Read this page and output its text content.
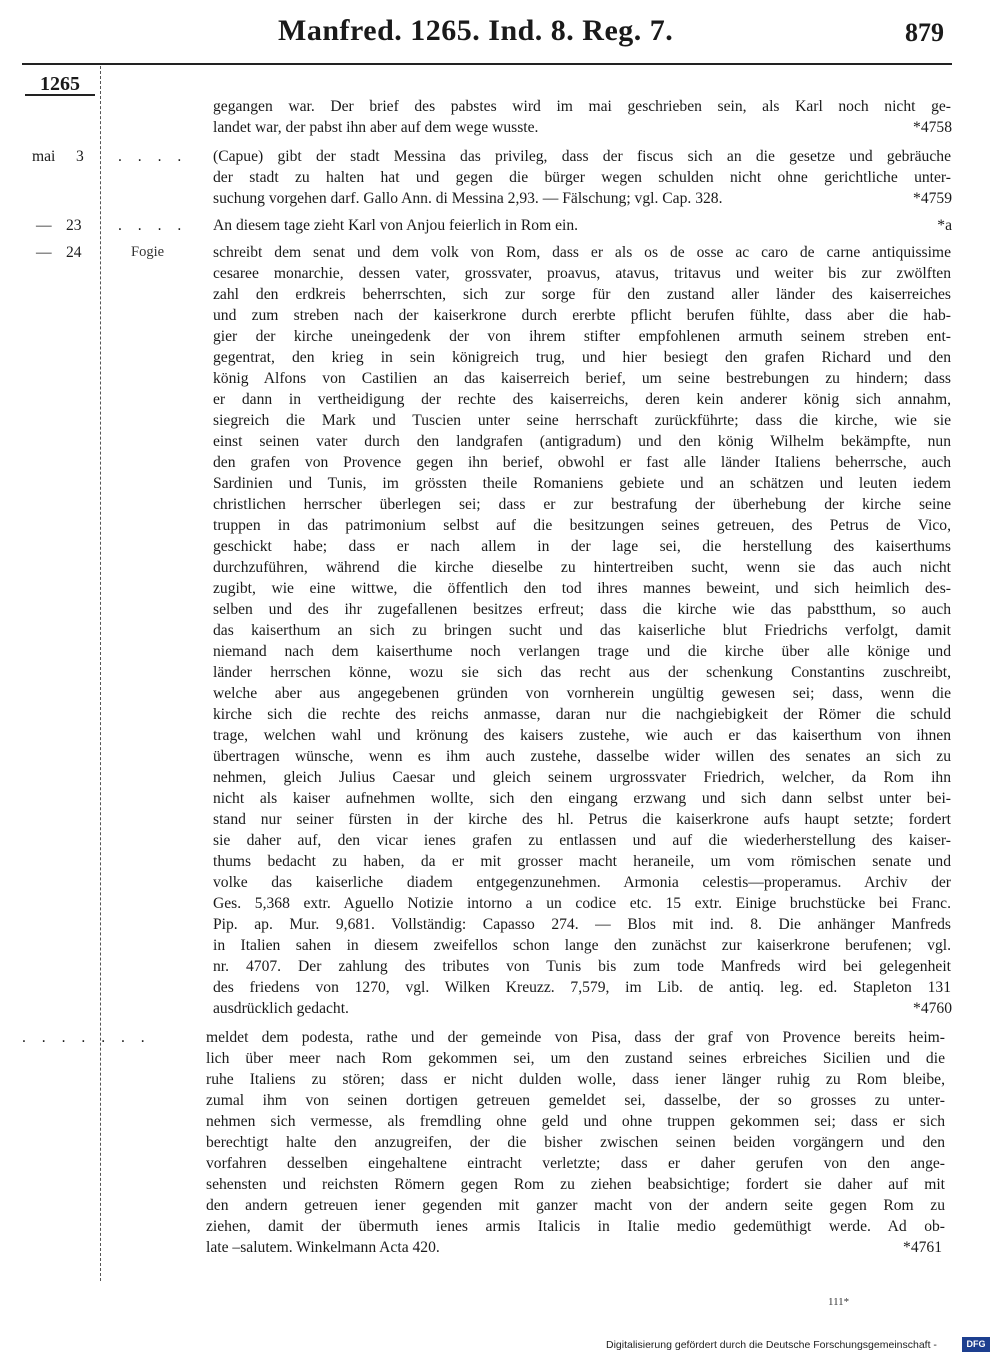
Manfred. 1265. Ind. 8. Reg. 7.	879
1265
gegangen war. Der brief des pabstes wird im mai geschrieben sein, als Karl noch nicht ge-
landet war, der pabst ihn aber auf dem wege wusste.	*4758
mai 3 . . . . (Capue) gibt der stadt Messina das privileg, dass der fiscus sich an die gesetze und gebräuche
der stadt zu halten hat und gegen die bürger wegen schulden nicht ohne gerichtliche unter-
suchung vorgehen darf. Gallo Ann. di Messina 2,93. — Fälschung; vgl. Cap. 328.	*4759
— 23 . . . . An diesem tage zieht Karl von Anjou feierlich in Rom ein.	*a
— 24	Fogie	schreibt dem senat und dem volk von Rom, dass er als os de osse ac caro de carne antiquissime
cesaree monarchie, dessen vater, grossvater, proavus, atavus, tritavus und weiter bis zur zwölften
zahl den erdkreis beherrschten, sich zur sorge für den zustand aller länder des kaiserreiches
und zum streben nach der kaiserkrone durch ererbte pflicht berufen fühlte, dass aber die hab-
gier der kirche uneingedenk der von ihrem stifter empfohlenen armuth seinem streben ent-
gegentrat, den krieg in sein königreich trug, und hier besiegt den grafen Richard und den
könig Alfons von Castilien an das kaiserreich berief, um seine bestrebungen zu hindern; dass
er dann in vertheidigung der rechte des kaiserreichs, deren kein anderer könig sich annahm,
siegreich die Mark und Tuscien unter seine herrschaft zurückführte; dass die kirche, wie sie
einst seinen vater durch den landgrafen (antigradum) und den könig Wilhelm bekämpfte, nun
den grafen von Provence gegen ihn berief, obwohl er fast alle länder Italiens beherrsche, auch
Sardinien und Tunis, im grössten theile Romaniens gebiete und an schätzen und leuten iedem
christlichen herrscher überlegen sei; dass er zur bestrafung der überhebung der kirche seine
truppen in das patrimonium selbst auf die besitzungen seines getreuen, des Petrus de Vico,
geschickt habe; dass er nach allem in der lage sei, die herstellung des kaiserthums
durchzuführen, während die kirche dieselbe zu hintertreiben sucht, wenn sie das auch nicht
zugibt, wie eine wittwe, die öffentlich den tod ihres mannes beweint, und sich heimlich des-
selben und des ihr zugefallenen besitzes erfreut; dass die kirche wie das pabstthum, so auch
das kaiserthum an sich zu bringen sucht und das kaiserliche blut Friedrichs verfolgt, damit
niemand nach dem kaiserthume noch verlangen trage und die kirche über alle könige und
länder herrschen könne, wozu sie sich das recht aus der schenkung Constantins zuschreibt,
welche aber aus angegebenen gründen von vornherein ungültig gewesen sei; dass, wenn die
kirche sich die rechte des reichs anmasse, daran nur die nachgiebigkeit der Römer die schuld
trage, welchen wahl und krönung des kaisers zustehe, wie auch er das kaiserthum von ihnen
übertragen wünsche, wenn es ihm auch zustehe, dasselbe wider willen des senates an sich zu
nehmen, gleich Julius Caesar und gleich seinem urgrossvater Friedrich, welcher, da Rom ihn
nicht als kaiser aufnehmen wollte, sich den eingang erzwang und sich dann selbst unter bei-
stand nur seiner fürsten in der kirche des hl. Petrus die kaiserkrone aufs haupt setzte; fordert
sie daher auf, den vicar ienes grafen zu entlassen und auf die wiederherstellung des kaiser-
thums bedacht zu haben, da er mit grosser macht heraneile, um vom römischen senate und
volke das kaiserliche diadem entgegenzunehmen. Armonia celestis—properamus. Archiv der
Ges. 5,368 extr. Aguello Notizie intorno a un codice etc. 15 extr. Einige bruchstücke bei Franc.
Pip. ap. Mur. 9,681. Vollständig: Capasso 274. — Blos mit ind. 8. Die anhänger Manfreds
in Italien sahen in diesem zweifellos schon lange den zunächst zur kaiserkrone berufenen; vgl.
nr. 4707. Der zahlung des tributes von Tunis bis zum tode Manfreds wird bei gelegenheit
des friedens von 1270, vgl. Wilken Kreuzz. 7,579, im Lib. de antiq. leg. ed. Stapleton 131
ausdrücklich gedacht.	*4760
. . . . . . .	meldet dem podesta, rathe und der gemeinde von Pisa, dass der graf von Provence bereits heim-
lich über meer nach Rom gekommen sei, um den zustand seines erbreiches Sicilien und die
ruhe Italiens zu stören; dass er nicht dulden wolle, dass iener länger ruhig zu Rom bleibe,
zumal ihm von seinen dortigen getreuen gemeldet sei, dasselbe, der so grosses zu unter-
nehmen sich vermesse, als fremdling ohne geld und ohne truppen gekommen sei; dass er sich
berechtigt halte den anzugreifen, der die bisher zwischen seinen beiden vorgängern und den
vorfahren desselben eingehaltene eintracht verletzte; dass er daher gerufen von den ange-
sehensten und reichsten Römern gegen Rom zu ziehen beabsichtige; fordert sie daher auf mit
den andern getreuen iener gegenden mit ganzer macht von der andern seite gegen Rom zu
ziehen, damit der übermuth ienes armis Italicis in Italie medio gedemüthigt werde. Ad ob-
late –salutem. Winkelmann Acta 420.	*4761
111*
Digitalisierung gefördert durch die Deutsche Forschungsgemeinschaft -	DFG
